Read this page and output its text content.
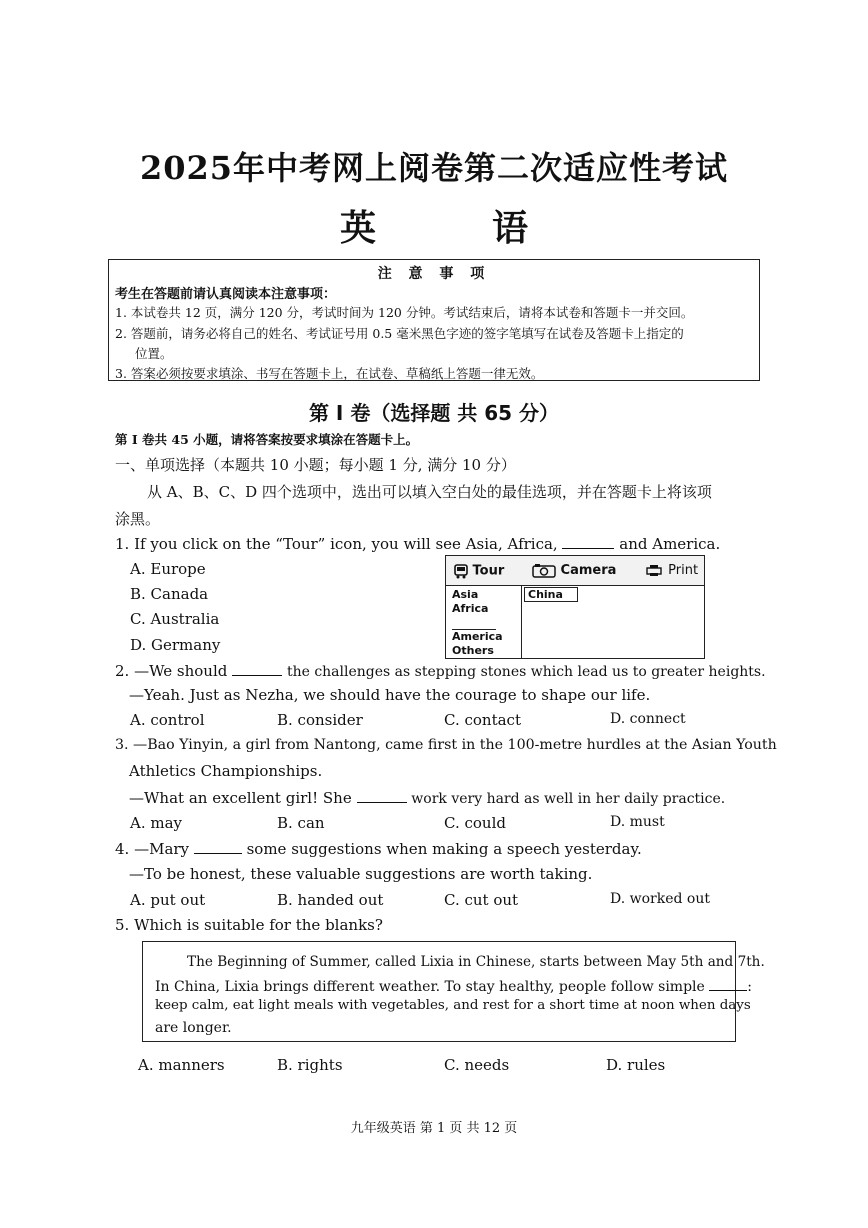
2025年中考网上阅卷第二次适应性考试
英　语
注 意 事 项
考生在答题前请认真阅读本注意事项：
1. 本试卷共 12 页，满分 120 分，考试时间为 120 分钟。考试结束后，请将本试卷和答题卡一并交回。
2. 答题前，请务必将自己的姓名、考试证号用 0.5 毫米黑色字迹的签字笔填写在试卷及答题卡上指定的
位置。
3. 答案必须按要求填涂、书写在答题卡上，在试卷、草稿纸上答题一律无效。
第 I 卷（选择题 共 65 分）
第 I 卷共 45 小题，请将答案按要求填涂在答题卡上。
一、单项选择（本题共 10 小题；每小题 1 分, 满分 10 分）
从 A、B、C、D 四个选项中，选出可以填入空白处的最佳选项，并在答题卡上将该项
涂黑。
1. If you click on the “Tour” icon, you will see Asia, Africa,	and America.
A. Europe
B. Canada
C. Australia
D. Germany
Tour	Camera	Print
Asia
Africa
America
Others
China
2. —We should	the challenges as stepping stones which lead us to greater heights.
—Yeah. Just as Nezha, we should have the courage to shape our life.
A. control	B. consider	C. contact	D. connect
3. —Bao Yinyin, a girl from Nantong, came first in the 100-metre hurdles at the Asian Youth
Athletics Championships.
—What an excellent girl! She	work very hard as well in her daily practice.
A. may	B. can	C. could	D. must
4. —Mary	some suggestions when making a speech yesterday.
—To be honest, these valuable suggestions are worth taking.
A. put out	B. handed out	C. cut out	D. worked out
5. Which is suitable for the blanks?
The Beginning of Summer, called Lixia in Chinese, starts between May 5th and 7th.
In China, Lixia brings different weather. To stay healthy, people follow simple	:
keep calm, eat light meals with vegetables, and rest for a short time at noon when days
are longer.
A. manners	B. rights	C. needs	D. rules
九年级英语 第 1 页 共 12 页
